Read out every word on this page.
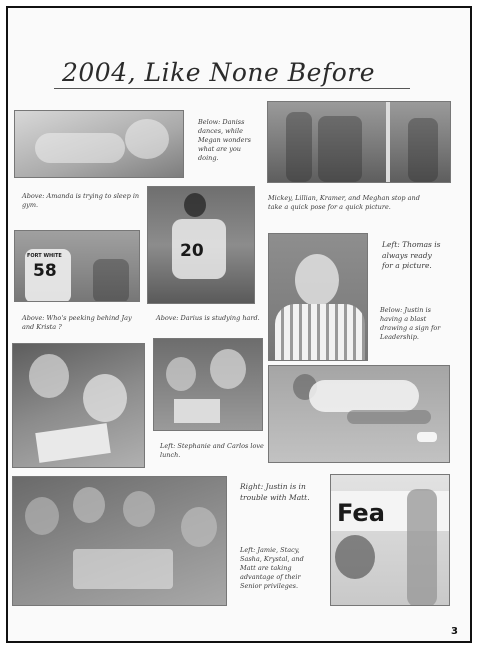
2004, Like None Before
Below: Daniss dances, while Megan wonders what are you doing.
Above: Amanda is trying to sleep in gym.
20
Mickey, Lillian, Kramer, and Meghan stop and take a quick pose for a quick picture.
FORT WHITE
58
Left: Thomas is always ready for a picture.
Above: Who's peeking behind Jay and Krista ?
Above: Darius is studying hard.
Below: Justin is having a blast drawing a sign for Leadership.
Left: Stephanie and Carlos love lunch.
Right: Justin is in trouble with Matt.
Left: Jamie, Stacy, Sasha, Krystal, and Matt are taking advantage of their Senior privileges.
Fea
3
